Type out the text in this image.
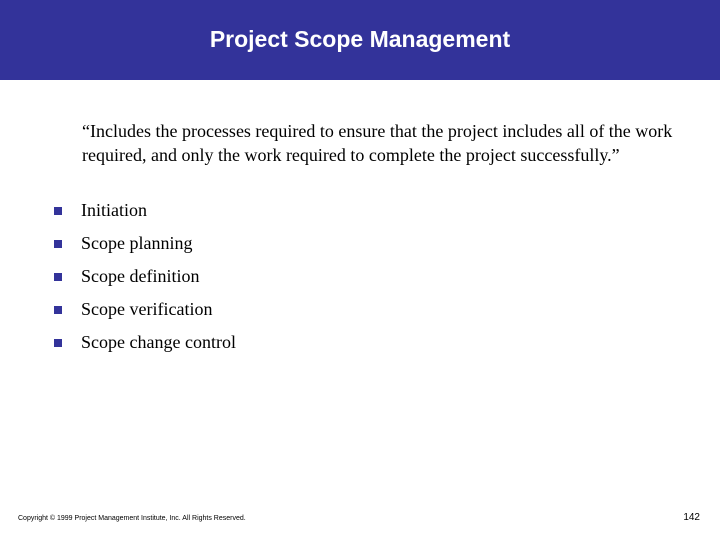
Project Scope Management
“Includes the processes required to ensure that the project includes all of the work required, and only the work required to complete the project successfully.”
Initiation
Scope planning
Scope definition
Scope verification
Scope change control
Copyright © 1999 Project Management Institute, Inc. All Rights Reserved.	142
